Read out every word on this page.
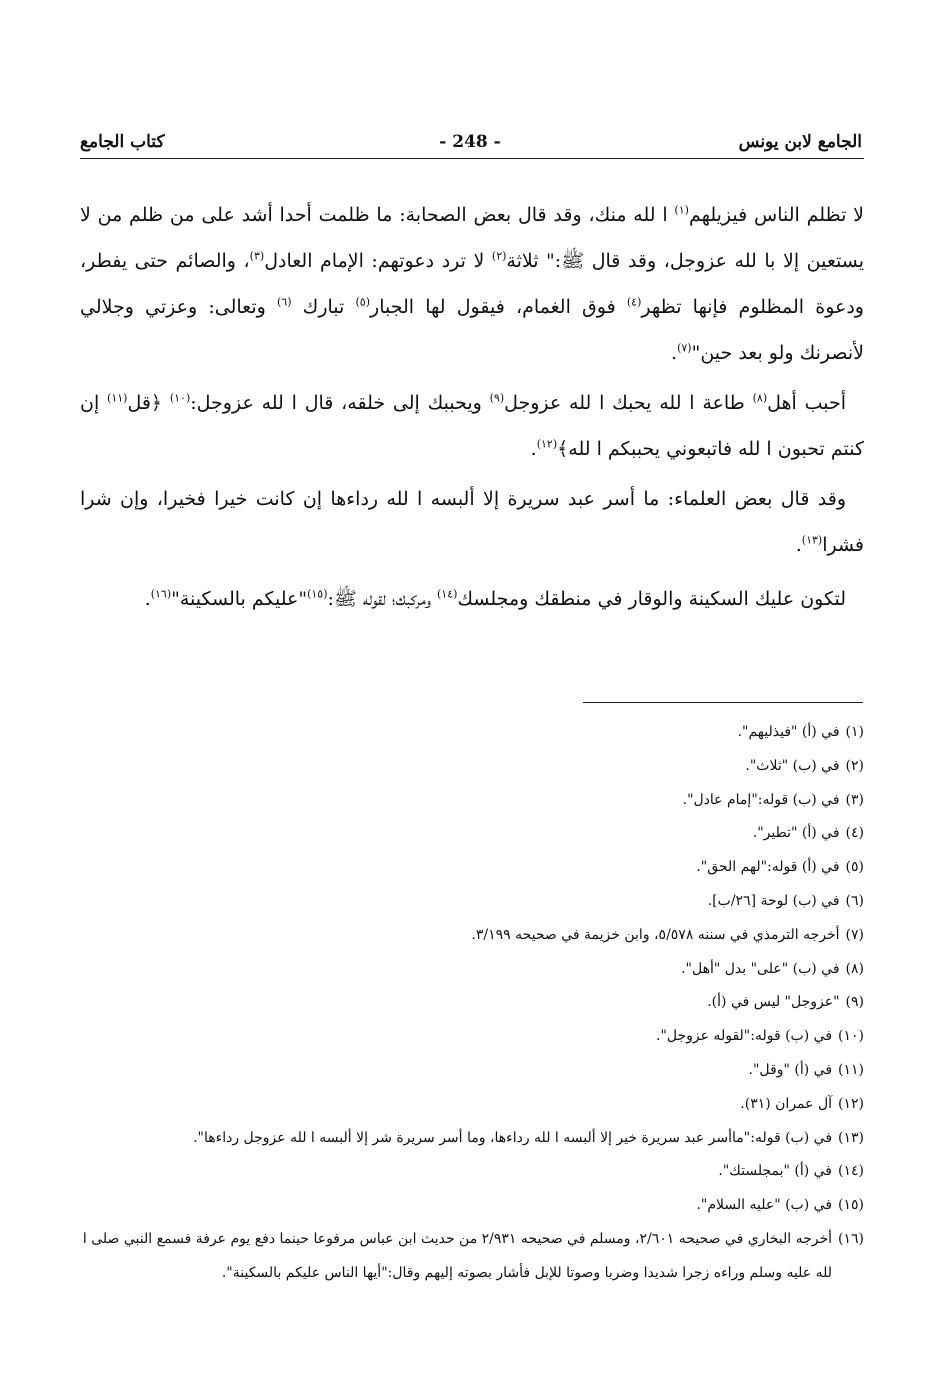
الجامع لابن يونس
- 248 -
كتاب الجامع

لا تظلم الناس فيزيلهم$^{(١)}$ ا لله منك، وقد قال بعض الصحابة: ما ظلمت أحدا أشد على من ظلم من لا يستعين إلا با لله عزوجل، وقد قال ﷺ:" ثلاثة$^{(٢)}$ لا ترد دعوتهم: الإمام العادل$^{(٣)}$، والصائم حتى يفطر، ودعوة المظلوم فإنها تظهر$^{(٤)}$ فوق الغمام، فيقول لها الجبار$^{(٥)}$ تبارك $^{(٦)}$ وتعالى: وعزتي وجلالي لأنصرنك ولو بعد حين"$^{(٧)}$.

أحبب أهل$^{(٨)}$ طاعة ا لله يحبك ا لله عزوجل$^{(٩)}$ ويحببك إلى خلقه، قال ا لله عزوجل:$^{(١٠)}$ ﴿قل$^{(١١)}$ إن كنتم تحبون ا لله فاتبعوني يحببكم ا لله﴾$^{(١٢)}$.

وقد قال بعض العلماء: ما أسر عبد سريرة إلا ألبسه ا لله رداءها إن كانت خيرا فخيرا، وإن شرا فشرا$^{(١٣)}$.

لتكون عليك السكينة والوقار في منطقك ومجلسك$^{(١٤)}$ ومركبك؛ لقوله ﷺ:$^{(١٥)}$"عليكم بالسكينة"$^{(١٦)}$.

(١)
في (أ) "فيذليهم".
(٢)
في (ب) "ثلاث".
(٣)
في (ب) قوله:"إمام عادل".
(٤)
في (أ) "تطير".
(٥)
في (أ) قوله:"لهم الحق".
(٦)
في (ب) لوحة [٢٦/ب].
(٧)
أخرجه الترمذي في سننه ٥/٥٧٨، وابن خزيمة في صحيحه ٣/١٩٩.
(٨)
في (ب) "على" بدل "أهل".
(٩)
"عزوجل" ليس في (أ).
(١٠)
في (ب) قوله:"لقوله عزوجل".
(١١)
في (أ) "وقل".
(١٢)
آل عمران (٣١).
(١٣)
في (ب) قوله:"ماأسر عبد سريرة خير إلا ألبسه ا لله رداءها، وما أسر سريرة شر إلا ألبسه ا لله عزوجل رداءها".
(١٤)
في (أ) "بمجلستك".
(١٥)
في (ب) "عليه السلام".
(١٦)
أخرجه البخاري في صحيحه ٢/٦٠١، ومسلم في صحيحه ٢/٩٣١ من حديث ابن عباس مرفوعا حينما دفع يوم عرفة فسمع النبي صلى ا لله عليه وسلم وراءه زجرا شديدا وضربا وصوتا للإبل فأشار بصوته إليهم وقال:"أيها الناس عليكم بالسكينة".
